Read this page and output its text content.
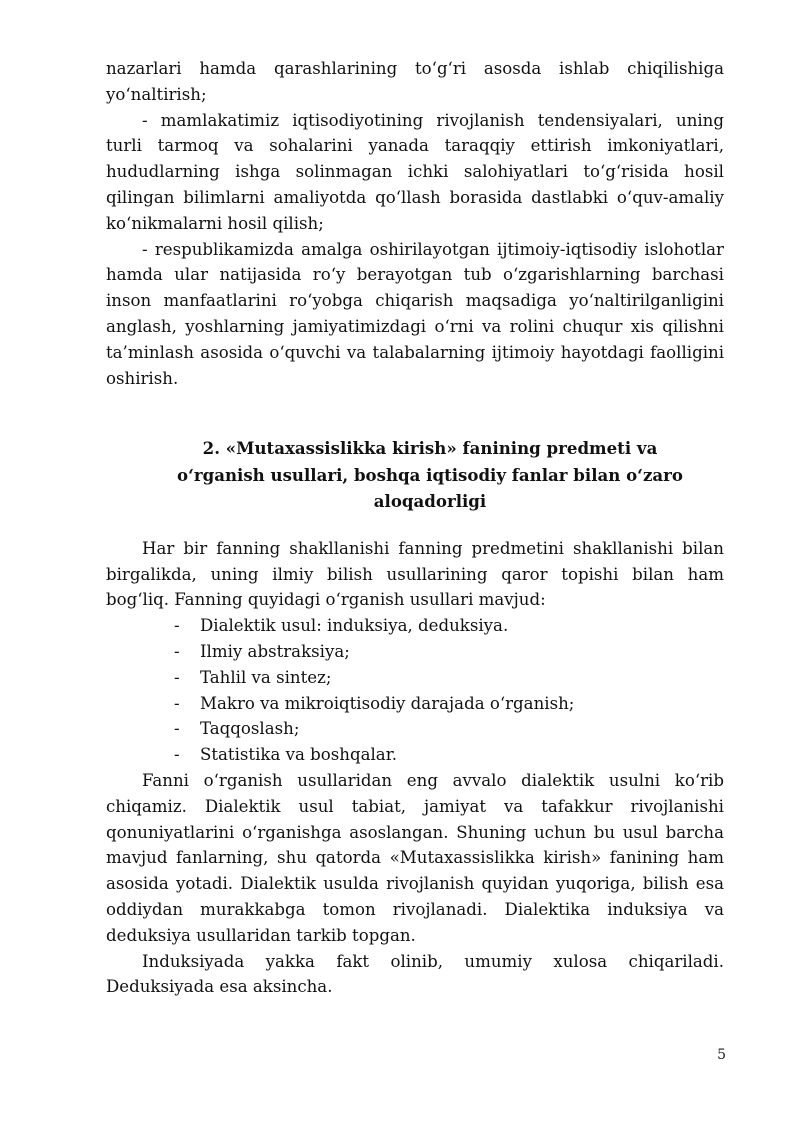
nazarlari hamda qarashlarining to‘g‘ri asosda ishlab chiqilishiga yo‘naltirish;

- mamlakatimiz iqtisodiyotining rivojlanish tendensiyalari, uning turli tarmoq va sohalarini yanada taraqqiy ettirish imkoniyatlari, hududlarning ishga solinmagan ichki salohiyatlari to‘g‘risida hosil qilingan bilimlarni amaliyotda qo‘llash borasida dastlabki o‘quv-amaliy ko‘nikmalarni hosil qilish;

- respublikamizda amalga oshirilayotgan ijtimoiy-iqtisodiy islohotlar hamda ular natijasida ro‘y berayotgan tub o‘zgarishlarning barchasi inson manfaatlarini ro‘yobga chiqarish maqsadiga yo‘naltirilganligini anglash, yoshlarning jamiyatimizdagi o‘rni va rolini chuqur xis qilishni ta’minlash asosida o‘quvchi va talabalarning ijtimoiy hayotdagi faolligini oshirish.

2. «Mutaxassislikka kirish» fanining predmeti va
o‘rganish usullari, boshqa iqtisodiy fanlar bilan o‘zaro
aloqadorligi

Har bir fanning shakllanishi fanning predmetini shakllanishi bilan birgalikda, uning ilmiy bilish usullarining qaror topishi bilan ham bog‘liq. Fanning quyidagi o‘rganish usullari mavjud:

- Dialektik usul: induksiya, deduksiya.
- Ilmiy abstraksiya;
- Tahlil va sintez;
- Makro va mikroiqtisodiy darajada o‘rganish;
- Taqqoslash;
- Statistika va boshqalar.

Fanni o‘rganish usullaridan eng avvalo dialektik usulni ko‘rib chiqamiz. Dialektik usul tabiat, jamiyat va tafakkur rivojlanishi qonuniyatlarini o‘rganishga asoslangan. Shuning uchun bu usul barcha mavjud fanlarning, shu qatorda «Mutaxassislikka kirish» fanining ham asosida yotadi. Dialektik usulda rivojlanish quyidan yuqoriga, bilish esa oddiydan murakkabga tomon rivojlanadi. Dialektika induksiya va deduksiya usullaridan tarkib topgan.

Induksiyada yakka fakt olinib, umumiy xulosa chiqariladi. Deduksiyada esa aksincha.

5
